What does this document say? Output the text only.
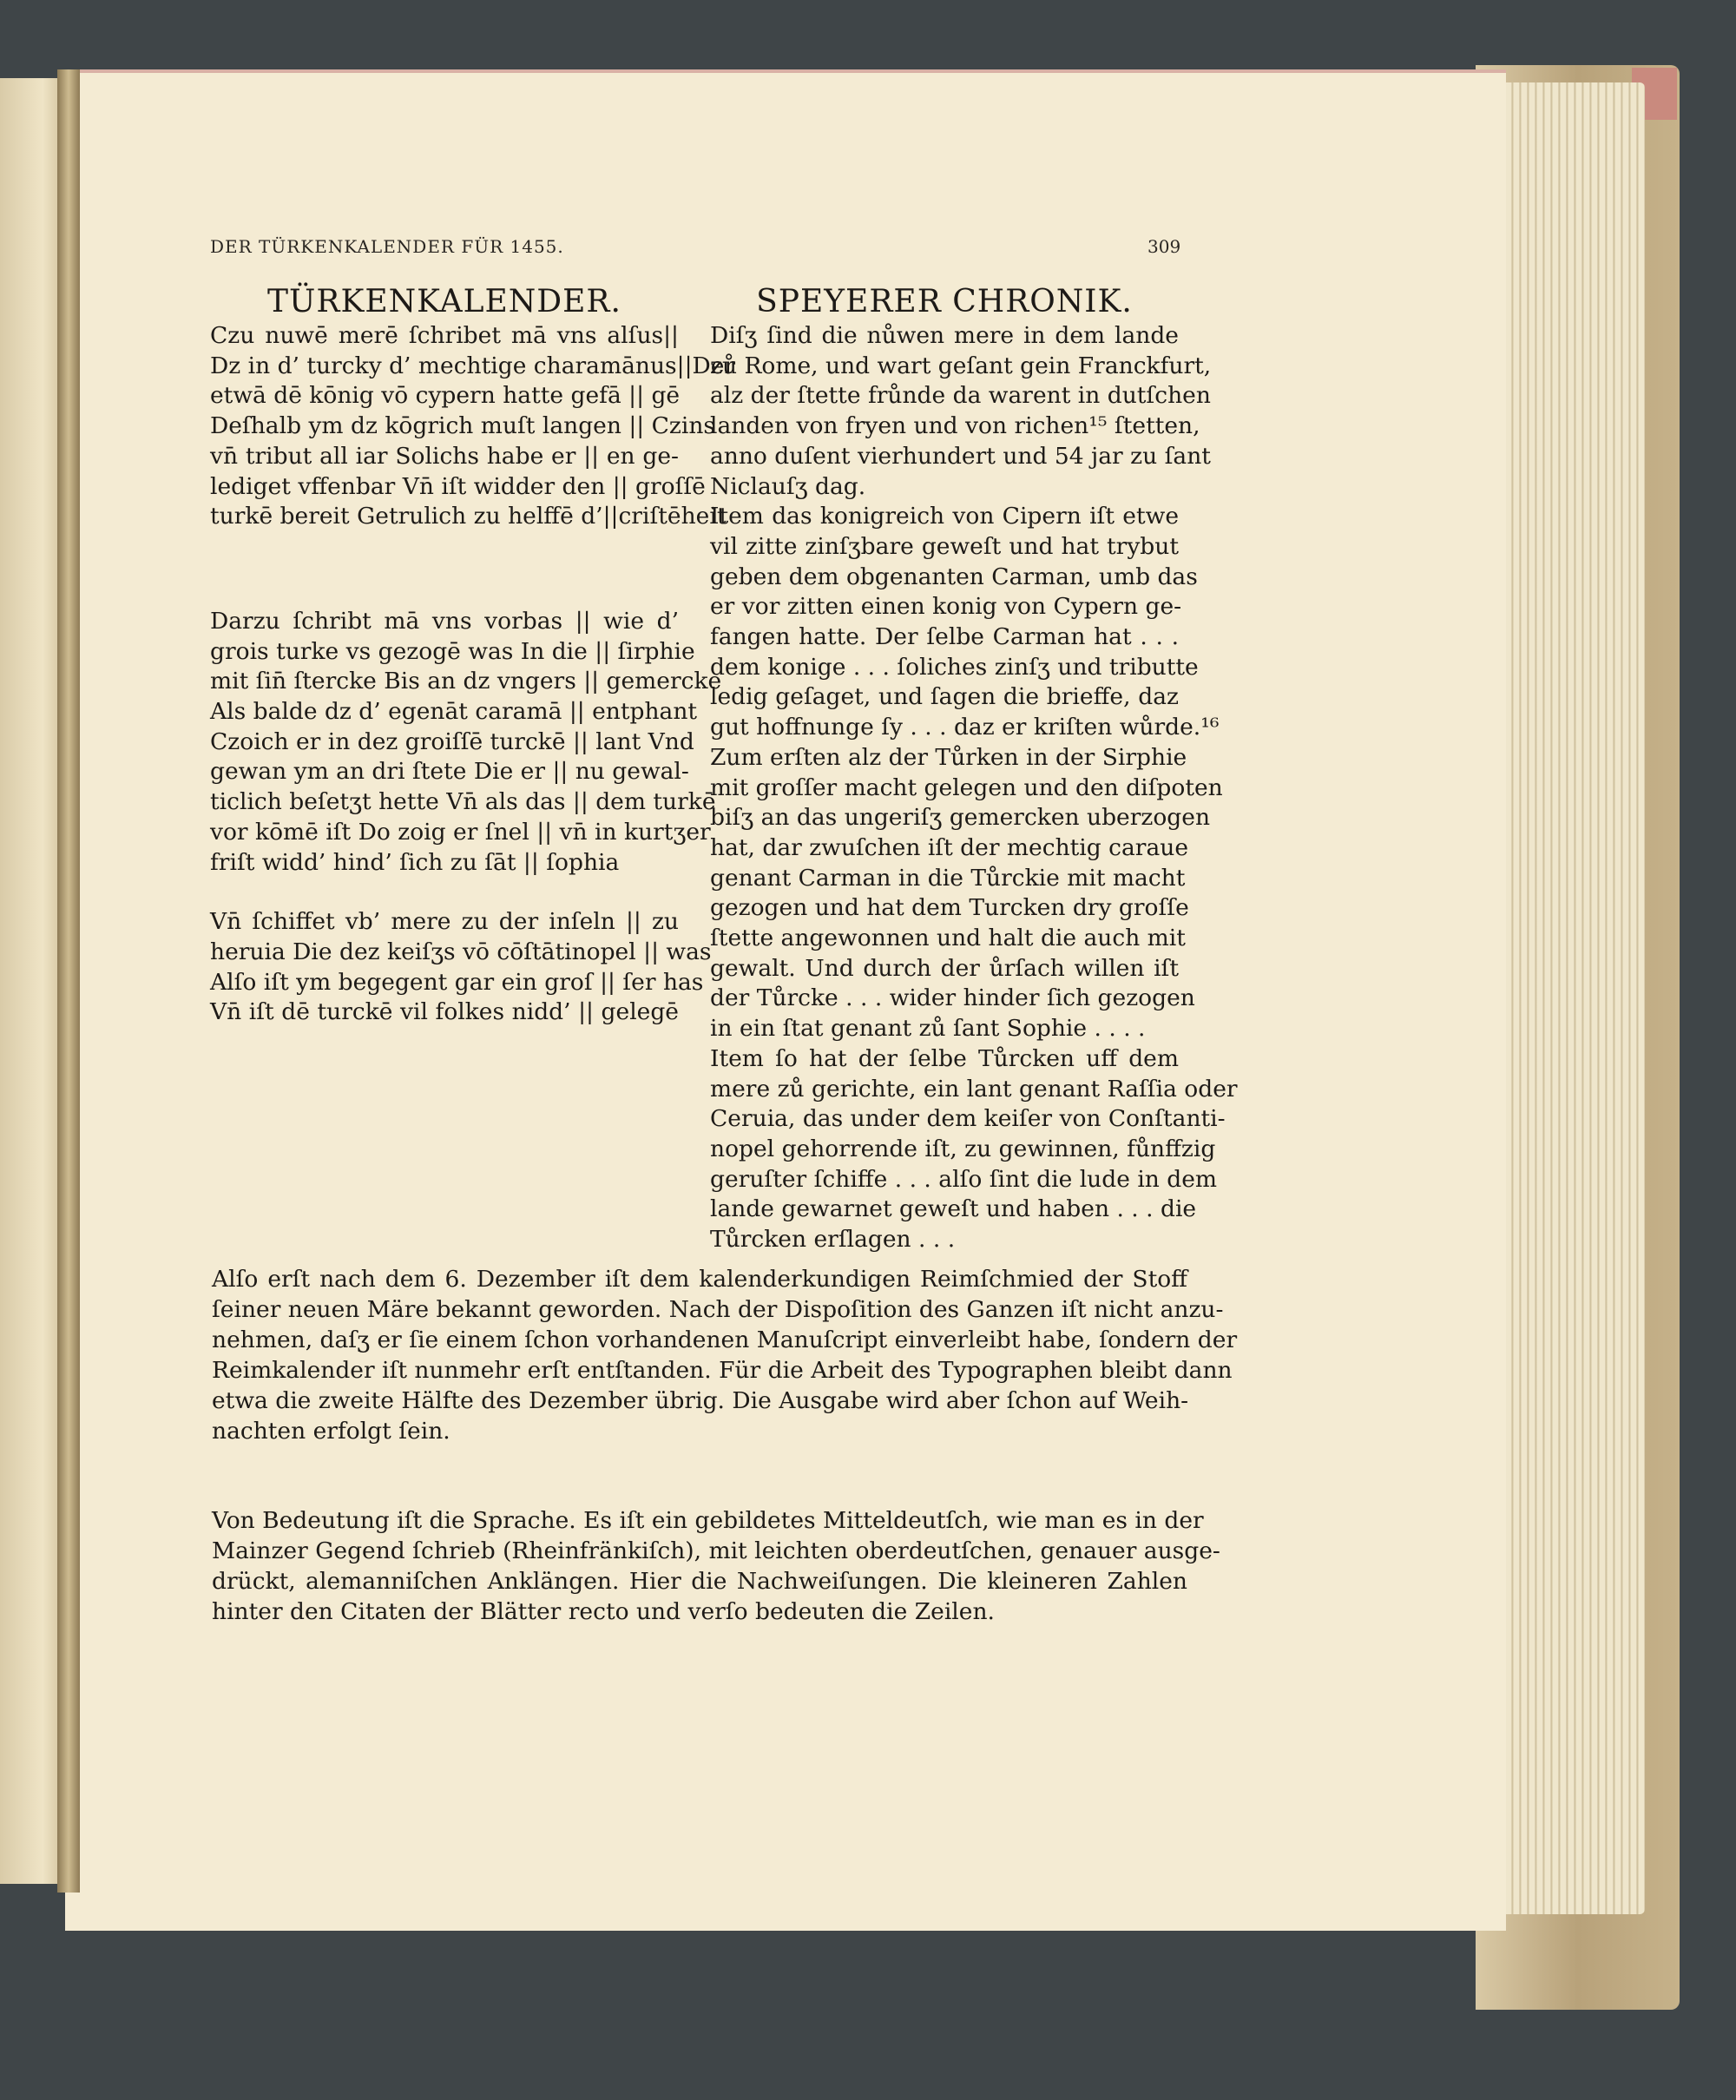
DER TÜRKENKALENDER FÜR 1455.	309
TÜRKENKALENDER.
Czu nuwē merē ſchribet mā vns alſus||
Dz in d’ turcky d’ mechtige charamānus||Der
etwā dē kōnig vō cypern hatte gefā || gē
Deſhalb ym dz kōgrich muſt langen || Czins
vn̄ tribut all iar Solichs habe er || en ge-
lediget vffenbar Vn̄ iſt widder den || groſſē
turkē bereit Getrulich zu helffē d’||criſtēheit
Darzu ſchribt mā vns vorbas || wie d’
grois turke vs gezogē was In die || ſirphie
mit ſin̄ ſtercke Bis an dz vngers || gemercke
Als balde dz d’ egenāt caramā || entphant
Czoich er in dez groiſſē turckē || lant Vnd
gewan ym an dri ſtete Die er || nu gewal-
ticlich beſetʒt hette Vn̄ als das || dem turkē
vor kōmē iſt Do zoig er ſnel || vn̄ in kurtʒer
friſt widd’ hind’ ſich zu ſāt || ſophia
Vn̄ ſchiffet vb’ mere zu der inſeln || zu
heruia Die dez keiſʒs vō cōſtātinopel || was
Alſo iſt ym begegent gar ein groſ || ſer has
Vn̄ iſt dē turckē vil folkes nidd’ || gelegē
SPEYERER CHRONIK.
Diſʒ ſind die nůwen mere in dem lande
zů Rome, und wart geſant gein Franckfurt,
alz der ſtette frůnde da warent in dutſchen
landen von fryen und von richen¹⁵ ſtetten,
anno duſent vierhundert und 54 jar zu ſant
Niclauſʒ dag.
Item das konigreich von Cipern iſt etwe
vil zitte zinſʒbare geweſt und hat trybut
geben dem obgenanten Carman, umb das
er vor zitten einen konig von Cypern ge-
fangen hatte. Der ſelbe Carman hat . . .
dem konige . . . ſoliches zinſʒ und tributte
ledig geſaget, und ſagen die brieffe, daz
gut hoffnunge ſy . . . daz er kriſten wůrde.¹⁶
Zum erſten alz der Tůrken in der Sirphie
mit groſſer macht gelegen und den diſpoten
biſʒ an das ungeriſʒ gemercken uberzogen
hat, dar zwuſchen iſt der mechtig caraue
genant Carman in die Tůrckie mit macht
gezogen und hat dem Turcken dry groſſe
ſtette angewonnen und halt die auch mit
gewalt. Und durch der ůrſach willen iſt
der Tůrcke . . . wider hinder ſich gezogen
in ein ſtat genant zů ſant Sophie . . . .
Item ſo hat der ſelbe Tůrcken uff dem
mere zů gerichte, ein lant genant Raſſia oder
Ceruia, das under dem keiſer von Conſtanti-
nopel gehorrende iſt, zu gewinnen, fůnffzig
geruſter ſchiffe . . . alſo ſint die lude in dem
lande gewarnet geweſt und haben . . . die
Tůrcken erſlagen . . .
Alſo erſt nach dem 6. Dezember iſt dem kalenderkundigen Reimſchmied der Stoff
ſeiner neuen Märe bekannt geworden. Nach der Dispoſition des Ganzen iſt nicht anzu-
nehmen, daſʒ er ſie einem ſchon vorhandenen Manuſcript einverleibt habe, ſondern der
Reimkalender iſt nunmehr erſt entſtanden. Für die Arbeit des Typographen bleibt dann
etwa die zweite Hälfte des Dezember übrig. Die Ausgabe wird aber ſchon auf Weih-
nachten erfolgt ſein.
Von Bedeutung iſt die Sprache. Es iſt ein gebildetes Mitteldeutſch, wie man es in der
Mainzer Gegend ſchrieb (Rheinfränkiſch), mit leichten oberdeutſchen, genauer ausge-
drückt, alemanniſchen Anklängen. Hier die Nachweiſungen. Die kleineren Zahlen
hinter den Citaten der Blätter recto und verſo bedeuten die Zeilen.
